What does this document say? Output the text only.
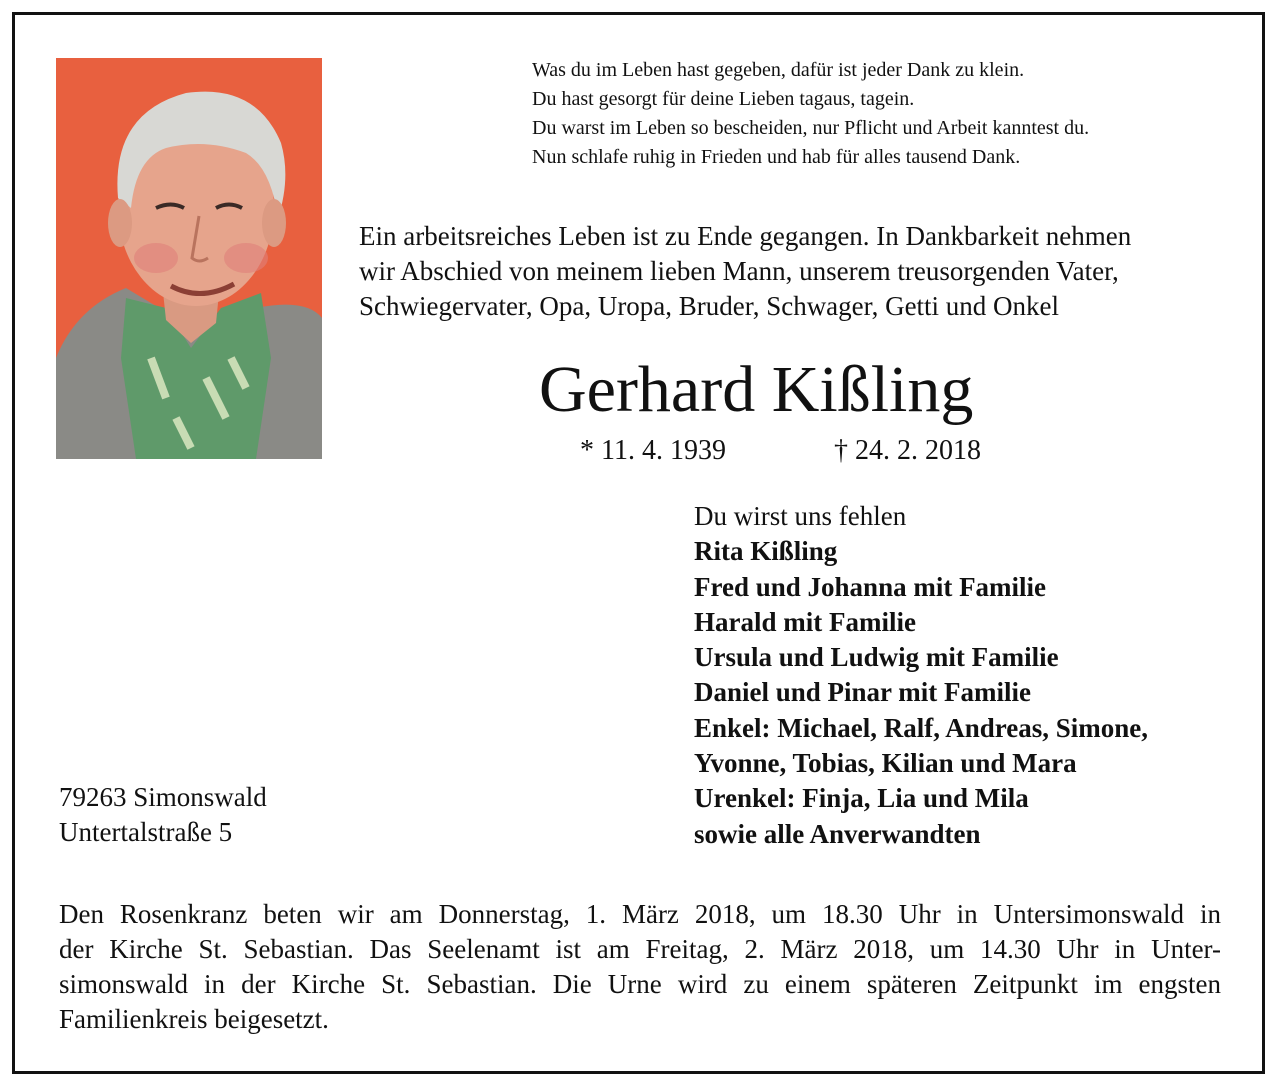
Was du im Leben hast gegeben, dafür ist jeder Dank zu klein.
Du hast gesorgt für deine Lieben tagaus, tagein.
Du warst im Leben so bescheiden, nur Pflicht und Arbeit kanntest du.
Nun schlafe ruhig in Frieden und hab für alles tausend Dank.
Ein arbeitsreiches Leben ist zu Ende gegangen. In Dankbarkeit nehmen
wir Abschied von meinem lieben Mann, unserem treusorgenden Vater,
Schwiegervater, Opa, Uropa, Bruder, Schwager, Getti und Onkel
Gerhard Kißling
* 11. 4. 1939	† 24. 2. 2018
Du wirst uns fehlen
Rita Kißling
Fred und Johanna mit Familie
Harald mit Familie
Ursula und Ludwig mit Familie
Daniel und Pinar mit Familie
Enkel: Michael, Ralf, Andreas, Simone,
Yvonne, Tobias, Kilian und Mara
Urenkel: Finja, Lia und Mila
sowie alle Anverwandten
79263 Simonswald
Untertalstraße 5
Den Rosenkranz beten wir am Donnerstag, 1. März 2018, um 18.30 Uhr in Untersimonswald in
der Kirche St. Sebastian. Das Seelenamt ist am Freitag, 2. März 2018, um 14.30 Uhr in Unter-
simonswald in der Kirche St. Sebastian. Die Urne wird zu einem späteren Zeitpunkt im engsten
Familienkreis beigesetzt.
